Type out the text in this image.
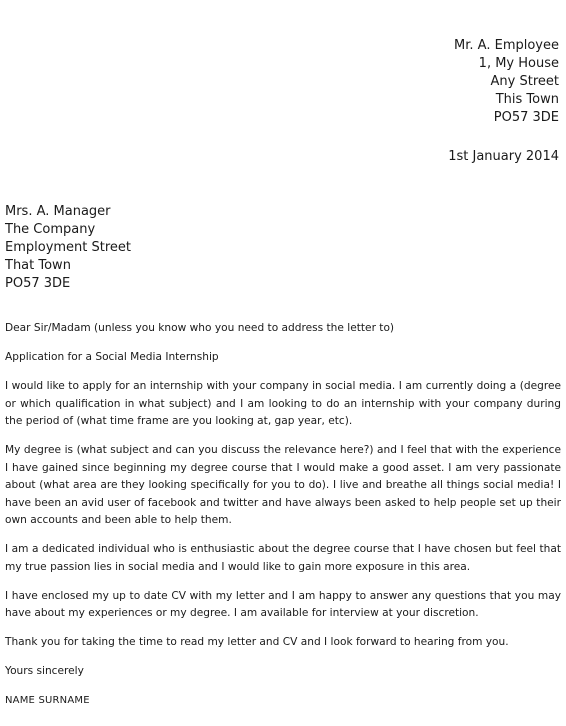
Mr. A. Employee
1, My House
Any Street
This Town
PO57 3DE
1st January 2014
Mrs. A. Manager
The Company
Employment Street
That Town
PO57 3DE

Dear Sir/Madam (unless you know who you need to address the letter to)

Application for a Social Media Internship

I would like to apply for an internship with your company in social media. I am currently doing a (degree or which qualification in what subject) and I am looking to do an internship with your company during the period of (what time frame are you looking at, gap year, etc).

My degree is (what subject and can you discuss the relevance here?) and I feel that with the experience I have gained since beginning my degree course that I would make a good asset. I am very passionate about (what area are they looking specifically for you to do). I live and breathe all things social media! I have been an avid user of facebook and twitter and have always been asked to help people set up their own accounts and been able to help them.

I am a dedicated individual who is enthusiastic about the degree course that I have chosen but feel that my true passion lies in social media and I would like to gain more exposure in this area.

I have enclosed my up to date CV with my letter and I am happy to answer any questions that you may have about my experiences or my degree. I am available for interview at your discretion.

Thank you for taking the time to read my letter and CV and I look forward to hearing from you.

Yours sincerely

NAME SURNAME
